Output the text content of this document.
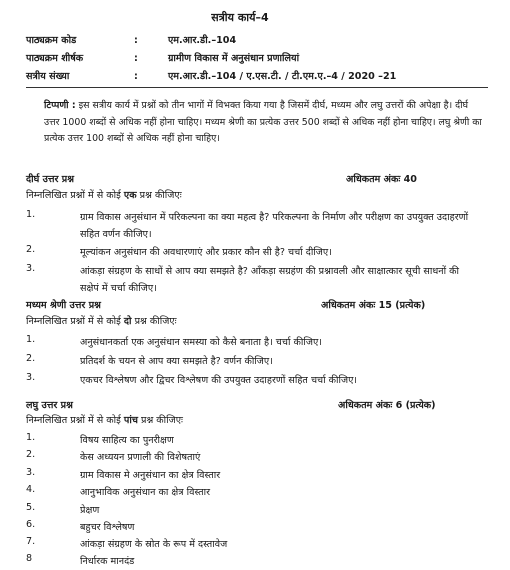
सत्रीय कार्य–4
पाठ्यक्रम कोड	:	एम.आर.डी.–104
पाठ्यक्रम शीर्षक	:	ग्रामीण विकास में अनुसंधान प्रणालियां
सत्रीय संख्या	:	एम.आर.डी.–104 / ए.एस.टी. / टी.एम.ए.–4 / 2020 –21
टिप्पणी : इस सत्रीय कार्य में प्रश्नों को तीन भागों में विभक्त किया गया है जिसमें दीर्घ, मध्यम और लघु उत्तरों की अपेक्षा है। दीर्घ उत्तर 1000 शब्दों से अधिक नहीं होना चाहिए। मध्यम श्रेणी का प्रत्येक उत्तर 500 शब्दों से अधिक नहीं होना चाहिए। लघु श्रेणी का प्रत्येक उत्तर 100 शब्दों से अधिक नहीं होना चाहिए।
दीर्घ उत्तर प्रश्न	अधिकतम अंकः 40
निम्नलिखित प्रश्नों में से कोई एक प्रश्न कीजिएः
1.	ग्राम विकास अनुसंधान में परिकल्पना का क्या महत्व है? परिकल्पना के निर्माण और परीक्षण का उपयुक्त उदाहरणों सहित वर्णन कीजिए।
2.	मूल्यांकन अनुसंधान की अवधारणाएं और प्रकार कौन सी है? चर्चा दीजिए।
3.	आंकड़ा संग्रहण के साधों से आप क्या समझते है? आँकड़ा सग्रहंण की प्रश्नावली और साक्षात्कार सूची साधनों की सक्षेपं में चर्चा कीजिए।
मध्यम श्रेणी उत्तर प्रश्न	अधिकतम अंकः 15 (प्रत्येक)
निम्नलिखित प्रश्नों में से कोई दो प्रश्न कीजिएः
1.	अनुसंधानकर्ता एक अनुसंधान समस्या को कैसे बनाता है। चर्चा कीजिए।
2.	प्रतिदर्श के चयन से आप क्या समझते है? वर्णन कीजिए।
3.	एकचर विश्लेषण और द्विचर विश्लेषण की उपयुक्त उदाहरणों सहित चर्चा कीजिए।
लघु उत्तर प्रश्न	अधिकतम अंकः 6 (प्रत्येक)
निम्नलिखित प्रश्नों में से कोई पांच प्रश्न कीजिएः
1.	विषय साहित्य का पुनरीक्षण
2.	केस अध्ययन प्रणाली की विशेषताएं
3.	ग्राम विकास मे अनुसंधान का क्षेत्र विस्तार
4.	आनुभाविक अनुसंधान का क्षेत्र विस्तार
5.	प्रेक्षण
6.	बहुचर विश्लेषण
7.	आंकड़ा संग्रहण के स्रोत के रूप में दस्तावेज
8	निर्धारक मानदंड
